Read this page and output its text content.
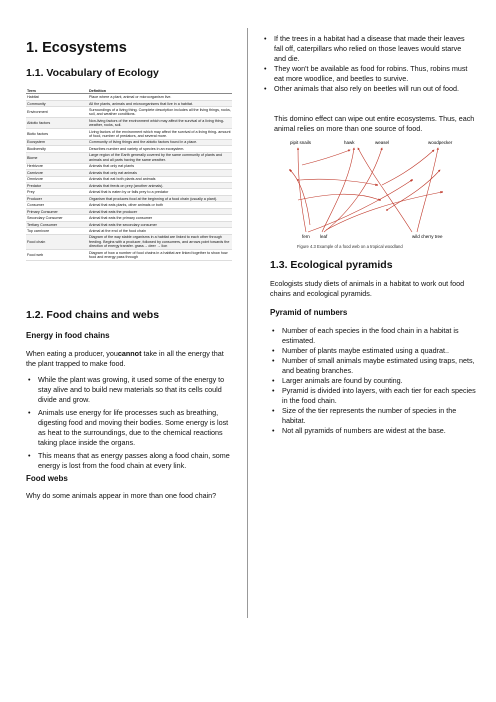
1. Ecosystems
1.1. Vocabulary of Ecology
Term	Definition
Habitat	Place where a plant, animal or microorganism live.
Community	All the plants, animals and microorganisms that live in a habitat.
Environment	Surroundings of a living thing. Complete description includes all the living things, rocks, soil, and weather conditions.
Abiotic factors	Non-living factors of the environment which may affect the survival of a living thing- weather, rocks, soil.
Biotic factors	Living factors of the environment which may affect the survival of a living thing- amount of food, number of predators, and several more.
Ecosystem	Community of living things and the abiotic factors found in a place.
Biodiversity	Describes number and variety of species in an ecosystem.
Biome	Large region of the Earth generally covered by the same community of plants and animals and all parts having the same weather.
Herbivore	Animals that only eat plants
Carnivore	Animals that only eat animals
Omnivore	Animals that eat both plants and animals
Predator	Animals that feeds on prey (another animals).
Prey	Animal that is eaten by or falls prey to a predator
Producer	Organism that produces food at the beginning of a food chain (usually a plant).
Consumer	Animal that eats plants, other animals or both
Primary Consumer	Animal that eats the producer
Secondary Consumer	Animal that eats the primary consumer
Tertiary Consumer	Animal that eats the secondary consumer
Top carnivore	Animal at the end of the food chain
Food chain	Diagram of the way stable organisms in a habitat are linked to each other through feeding. Begins with a producer, followed by consumers, and arrows point towards the direction of energy transfer. grass→ deer → lion
Food web	Diagram of how a number of food chains in a habitat are linked together to show how food and energy pass through
1.2. Food chains and webs
Energy in food chains

When eating a producer, youcannot take in all the energy that the plant trapped to make food.

• While the plant was growing, it used some of the energy to stay alive and to build new materials so that its cells could divide and grow.
• Animals use energy for life processes such as breathing, digesting food and moving their bodies. Some energy is lost as heat to the surroundings, due to the chemical reactions taking place inside the organs.
• This means that as energy passes along a food chain, some energy is lost from the food chain at every link.
Food webs

Why do some animals appear in more than one food chain?

• If the trees in a habitat had a disease that made their leaves fall off, caterpillars who relied on those leaves would starve and die.
• They won't be available as food for robins. Thus, robins must eat more woodlice, and beetles to survive.
• Other animals that also rely on beetles will run out of food.

This domino effect can wipe out entire ecosystems. Thus, each animal relies on more than one source of food.

pipit snails	hawk	weasel	woodpecker
fern leaf	wild cherry tree
Figure 4.3 Example of a food web on a tropical woodland
1.3. Ecological pyramids

Ecologists study diets of animals in a habitat to work out food chains and ecological pyramids.

Pyramid of numbers
• Number of each species in the food chain in a habitat is estimated.
• Number of plants maybe estimated using a quadrat..
• Number of small animals maybe estimated using traps, nets, and beating branches.
• Larger animals are found by counting.
• Pyramid is divided into layers, with each tier for each species in the food chain.
• Size of the tier represents the number of species in the habitat.
• Not all pyramids of numbers are widest at the base.
